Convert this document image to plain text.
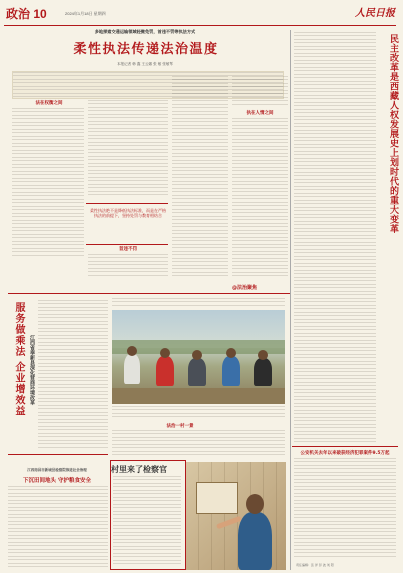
政治 10	2024年1月18日 星期四	人民日报
多地探索交通运输领域轻微免罚，首违不罚等执法方式
柔性执法传递法治温度
本报记者 韩 鑫 王云娜 张 敏 张敏琴
法在权衡之间
柔性执法绝不是降低执法标准，而是在严格执法的前提下，坚持处罚与教育相结合
首违不罚
执在人情之间
@法治聚焦
服务做乘法 企业增效益	江西省奉新县深化营商环境改革
法治一村一景
江西南昌市新城县检察院推进社会治理
下沉田间地头 守护粮食安全
村里来了检察官
民主改革是西藏人权发展史上划时代的重大变革
公安机关去年以来破获经济犯罪案件9.5万起
责任编辑：张 洋 彭 波 刘 阳
